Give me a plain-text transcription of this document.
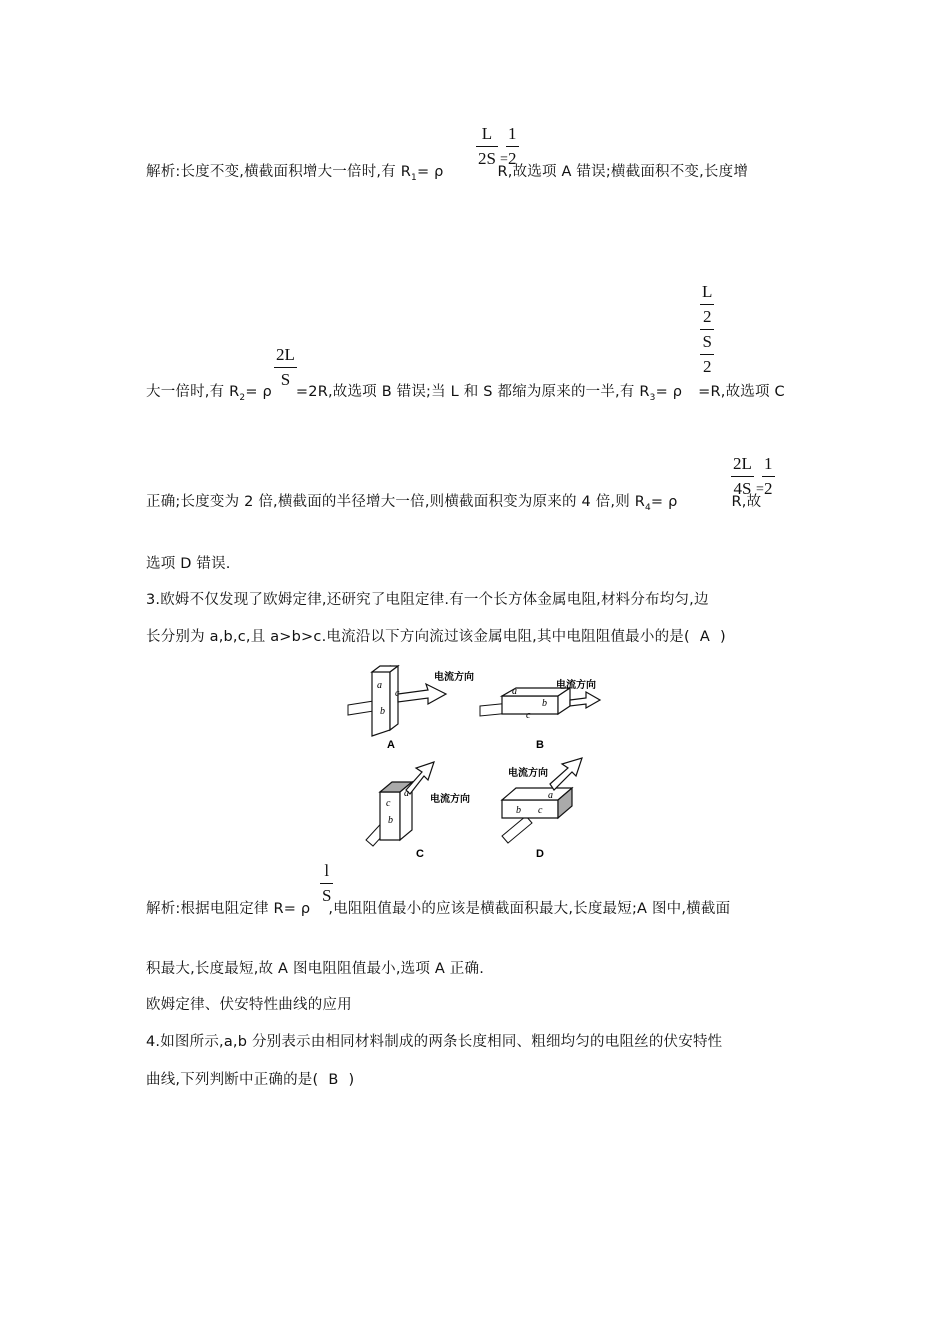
解析:长度不变,横截面积增大一倍时,有 $R_1= \rho$	R,故选项 A 错误;横截面积不变,长度增
L
2S =
1
2
大一倍时,有 $R_2= \rho =2R$,故选项 B 错误;当 L 和 S 都缩为原来的一半,有 $R_3= \rho =R$,故选项 C
2L
S
L
2
S
2
正确;长度变为 2 倍,横截面的半径增大一倍,则横截面积变为原来的 4 倍,则 $R_4= \rho$	R,故
2L
4S =
1
2
选项 D 错误.
3.欧姆不仅发现了欧姆定律,还研究了电阻定律.有一个长方体金属电阻,材料分布均匀,边
长分别为 a,b,c,且 a>b>c.电流沿以下方向流过该金属电阻,其中电阻阻值最小的是( A )
a
b
c
电流方向
A
a
b
c
电流方向
B
c
b
a
电流方向
C
b c
a
电流方向
D
解析:根据电阻定律 R= ρ ,电阻阻值最小的应该是横截面积最大,长度最短;A 图中,横截面
l
S
积最大,长度最短,故 A 图电阻阻值最小,选项 A 正确.
欧姆定律、伏安特性曲线的应用
4.如图所示,a,b 分别表示由相同材料制成的两条长度相同、粗细均匀的电阻丝的伏安特性
曲线,下列判断中正确的是( B )
